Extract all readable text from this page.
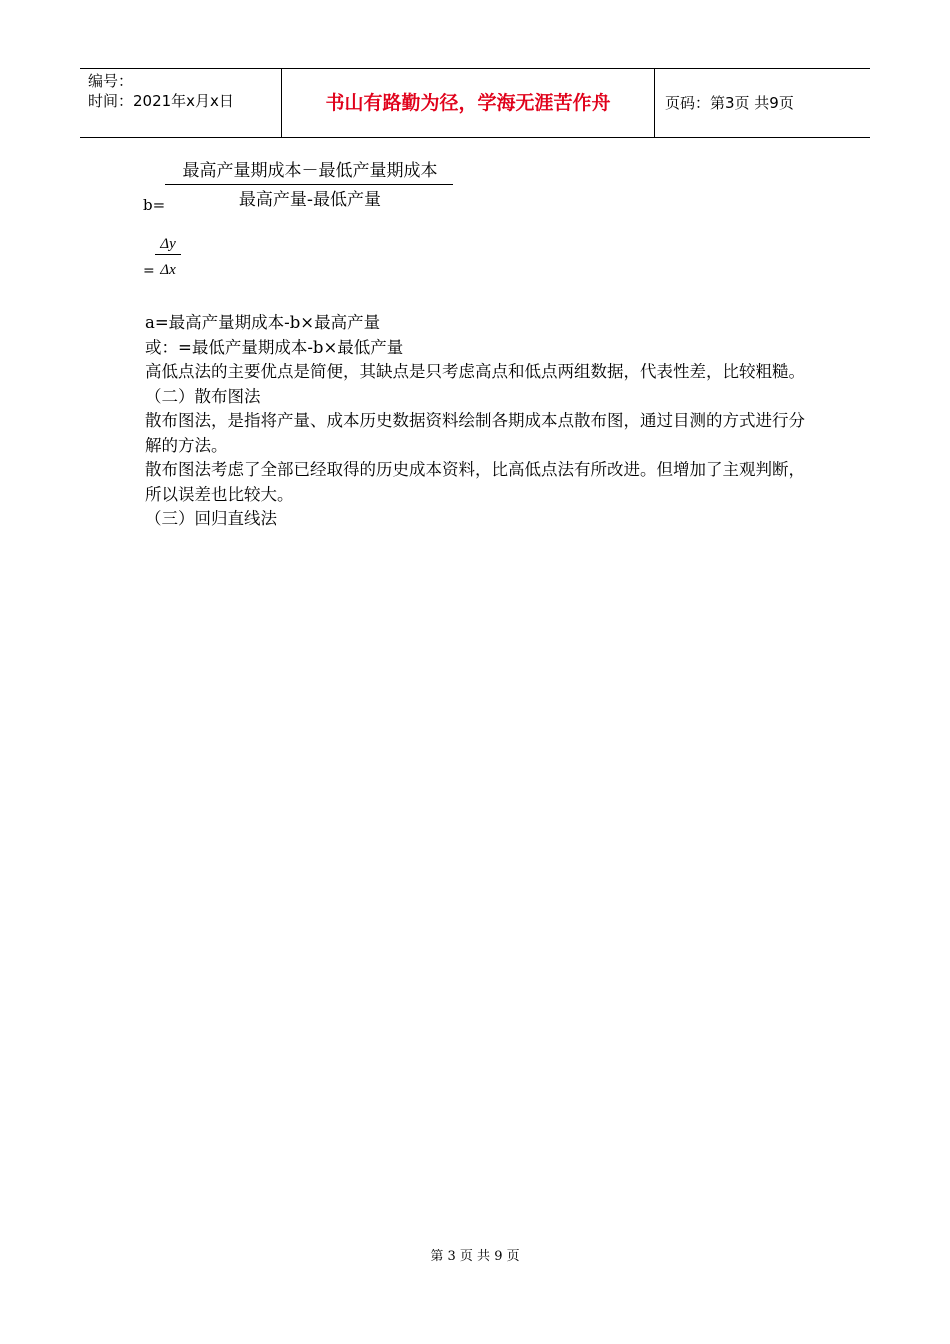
编号：
时间：2021年x月x日	书山有路勤为径，学海无涯苦作舟	页码：第3页 共9页
最高产量期成本－最低产量期成本
最高产量-最低产量
b=
Δy
Δx
=

a=最高产量期成本-b×最高产量

或：=最低产量期成本-b×最低产量

高低点法的主要优点是简便，其缺点是只考虑高点和低点两组数据，代表性差，比较粗糙。

（二）散布图法

散布图法，是指将产量、成本历史数据资料绘制各期成本点散布图，通过目测的方式进行分解的方法。

散布图法考虑了全部已经取得的历史成本资料，比高低点法有所改进。但增加了主观判断，所以误差也比较大。

（三）回归直线法

第 3 页 共 9 页
